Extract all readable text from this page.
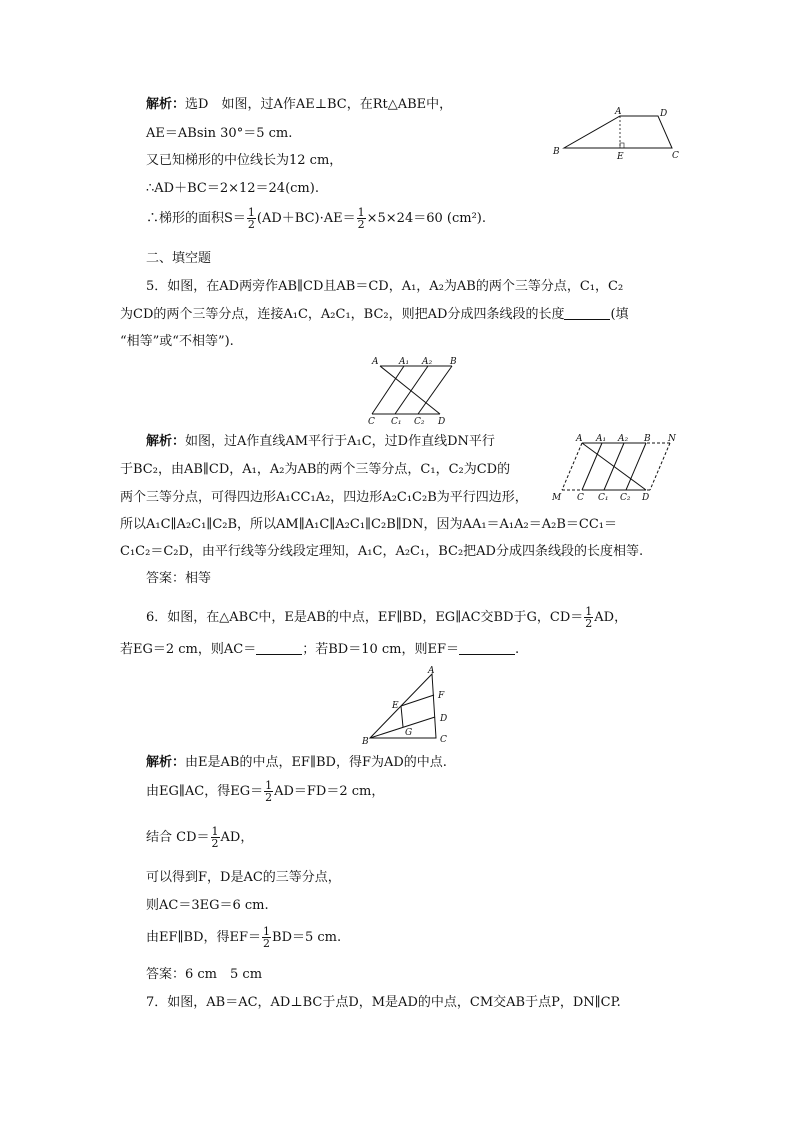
解析：选D　 如图，过A作AE⊥BC，在Rt△ABE中，
AE＝ABsin 30°＝5 cm.
又已知梯形的中位线长为12 cm，
∴AD＋BC＝2×12＝24(cm).
∴梯形的面积$S= \frac{1}{2} (AD+BC)\cdot AE= \frac{1}{2} \times 5\times 24=60$ (cm²).
A	D
B	E	C
二、填空题
5．如图，在AD两旁作AB∥CD且AB＝CD，A₁，A₂为AB的两个三等分点，C₁，C₂
为CD的两个三等分点，连接A₁C，A₂C₁，BC₂，则把AD分成四条线段的长度	(填
“相等”或“不相等”).
A A₁ A₂ B
C C₁ C₂ D
解析：如图，过A作直线AM平行于A₁C，过D作直线DN平行
于BC₂，由AB∥CD，A₁，A₂为AB的两个三等分点，C₁，C₂为CD的
两个三等分点，可得四边形A₁CC₁A₂，四边形A₂C₁C₂B为平行四边形，
所以A₁C∥A₂C₁∥C₂B，所以AM∥A₁C∥A₂C₁∥C₂B∥DN，因为AA₁＝A₁A₂＝A₂B＝CC₁＝
C₁C₂＝C₂D，由平行线等分线段定理知，A₁C，A₂C₁，BC₂把AD分成四条线段的长度相等.
答案：相等
A A₁ A₂ B N
M C C₁ C₂ D
6．如图，在△ABC中，E是AB的中点，EF∥BD，EG∥AC交BD于G，$CD= \frac{1}{2}$ AD，
若EG＝2 cm，则AC＝	；若BD＝10 cm，则EF＝	.
A
E
F
D
G
B	C
解析：由E是AB的中点，EF∥BD，得F为AD的中点.
由EG∥AC，得$EG= \frac{1}{2} AD=FD=2$ cm，
结合 $CD= \frac{1}{2}$ AD，
可以得到F，D是AC的三等分点，
则AC＝3EG＝6 cm.
由EF∥BD，得$EF= \frac{1}{2} BD=5$ cm.
答案：6 cm　5 cm
7．如图，AB＝AC，AD⊥BC于点D，M是AD的中点，CM交AB于点P，DN∥CP.
